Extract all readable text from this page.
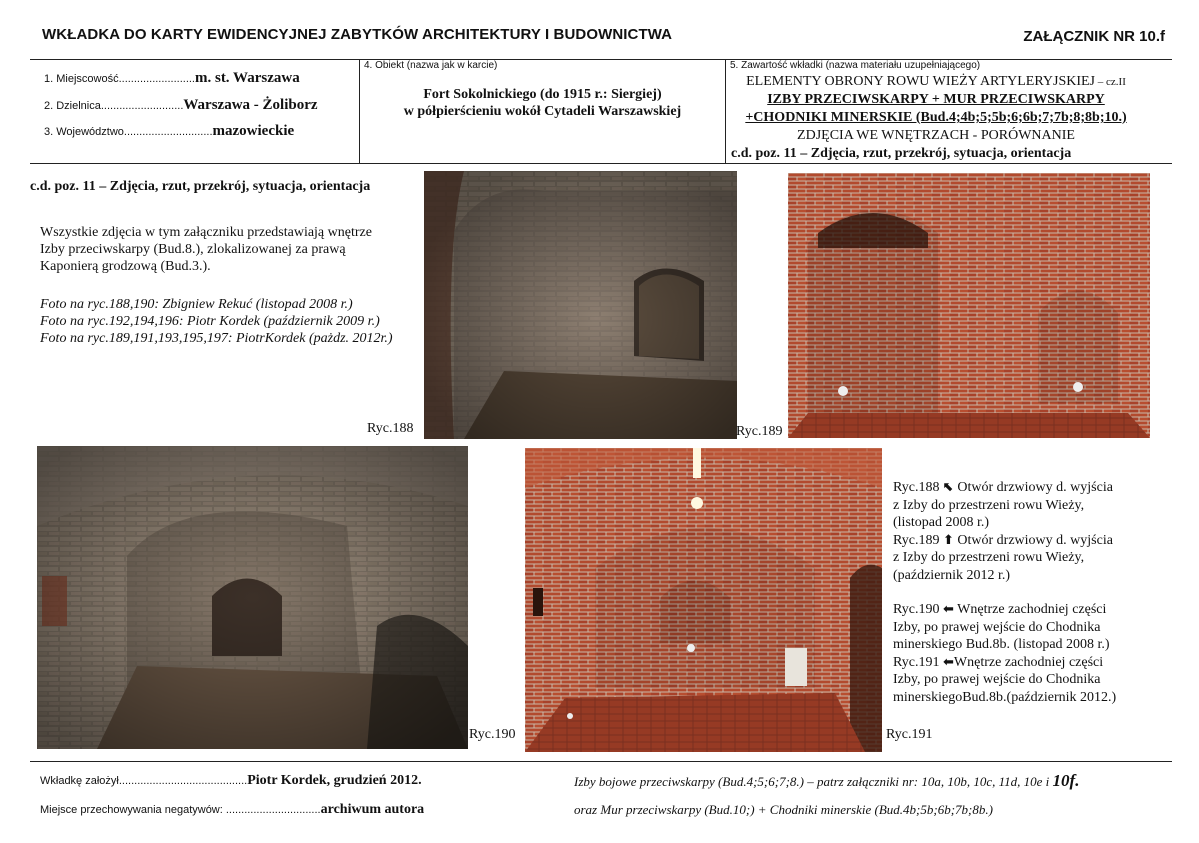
WKŁADKA DO KARTY EWIDENCYJNEJ ZABYTKÓW ARCHITEKTURY I BUDOWNICTWA	ZAŁĄCZNIK NR 10.f
1. Miejscowość.........................m. st. Warszawa
2. Dzielnica...........................Warszawa - Żoliborz
3. Województwo.............................mazowieckie
4. Obiekt (nazwa jak w karcie)
Fort Sokolnickiego (do 1915 r.: Siergiej)
w półpierścieniu wokół Cytadeli Warszawskiej
5. Zawartość wkładki (nazwa materiału uzupełniającego)
ELEMENTY OBRONY ROWU WIEŻY ARTYLERYJSKIEJ – cz.II
IZBY PRZECIWSKARPY + MUR PRZECIWSKARPY
+CHODNIKI MINERSKIE (Bud.4;4b;5;5b;6;6b;7;7b;8;8b;10.)
ZDJĘCIA WE WNĘTRZACH - PORÓWNANIE
c.d. poz. 11 – Zdjęcia, rzut, przekrój, sytuacja, orientacja
c.d. poz. 11 – Zdjęcia, rzut, przekrój, sytuacja, orientacja
Wszystkie zdjęcia w tym załączniku przedstawiają wnętrze
Izby przeciwskarpy (Bud.8.), zlokalizowanej za prawą
Kaponierą grodzową (Bud.3.).
Foto na ryc.188,190: Zbigniew Rekuć (listopad 2008 r.)
Foto na ryc.192,194,196: Piotr Kordek (październik 2009 r.)
Foto na ryc.189,191,193,195,197: PiotrKordek (pażdz. 2012r.)
Ryc.188	Ryc.189
Ryc.190	Ryc.191
Ryc.188 ⬉ Otwór drzwiowy d. wyjścia
z Izby do przestrzeni rowu Wieży,
(listopad 2008 r.)
Ryc.189 ⬆ Otwór drzwiowy d. wyjścia
z Izby do przestrzeni rowu Wieży,
(październik 2012 r.)
Ryc.190 ⬅ Wnętrze zachodniej części
Izby, po prawej wejście do Chodnika
minerskiego Bud.8b. (listopad 2008 r.)
Ryc.191 ⬅Wnętrze zachodniej części
Izby, po prawej wejście do Chodnika
minerskiegoBud.8b.(październik 2012.)
Wkładkę założył..........................................Piotr Kordek, grudzień 2012.
Miejsce przechowywania negatywów: ...............................archiwum autora
Izby bojowe przeciwskarpy (Bud.4;5;6;7;8.) – patrz załączniki nr: 10a, 10b, 10c, 11d, 10e i 10f.
oraz Mur przeciwskarpy (Bud.10;) + Chodniki minerskie (Bud.4b;5b;6b;7b;8b.)
